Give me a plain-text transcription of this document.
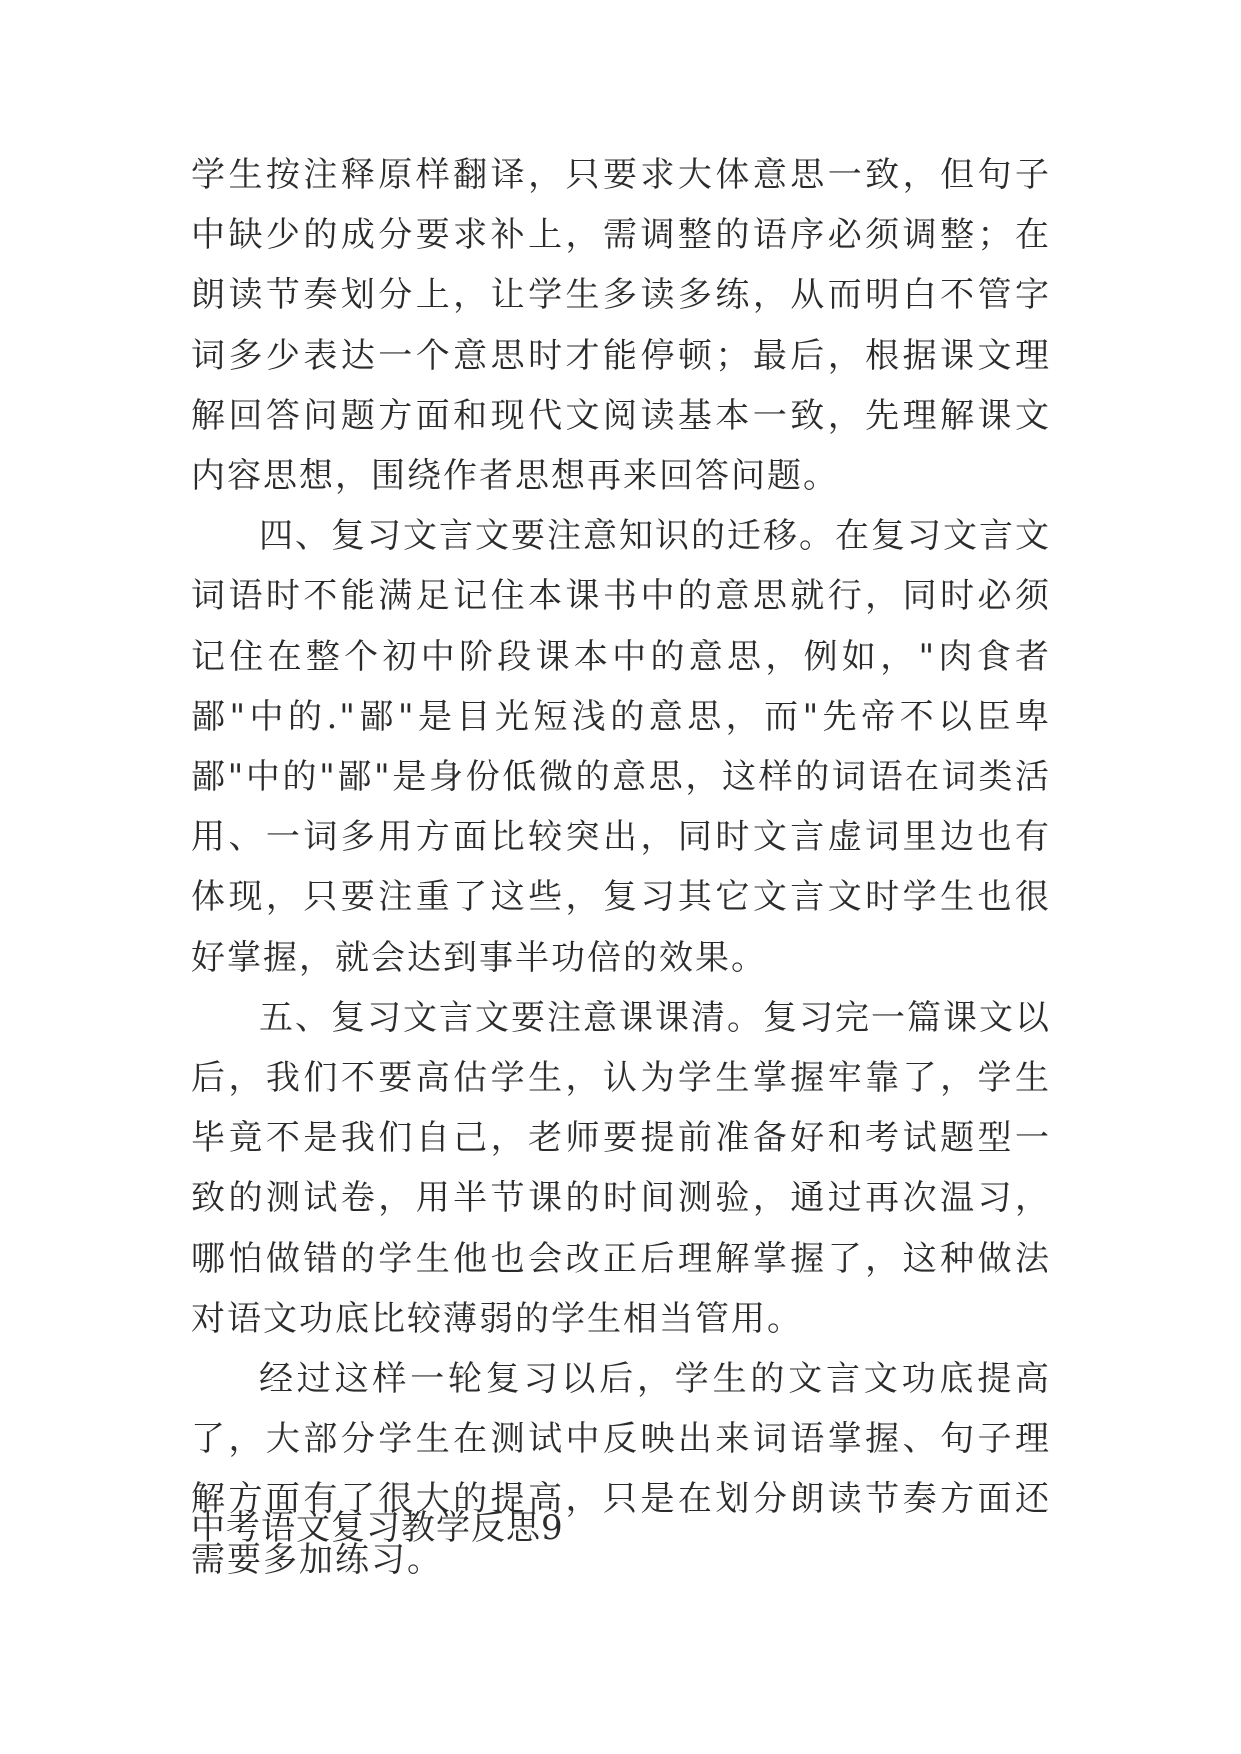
学生按注释原样翻译，只要求大体意思一致，但句子中缺少的成分要求补上，需调整的语序必须调整；在朗读节奏划分上，让学生多读多练，从而明白不管字词多少表达一个意思时才能停顿；最后，根据课文理解回答问题方面和现代文阅读基本一致，先理解课文内容思想，围绕作者思想再来回答问题。

四、复习文言文要注意知识的迁移。在复习文言文词语时不能满足记住本课书中的意思就行，同时必须记住在整个初中阶段课本中的意思，例如，"肉食者鄙"中的."鄙"是目光短浅的意思，而"先帝不以臣卑鄙"中的"鄙"是身份低微的意思，这样的词语在词类活用、一词多用方面比较突出，同时文言虚词里边也有体现，只要注重了这些，复习其它文言文时学生也很好掌握，就会达到事半功倍的效果。

五、复习文言文要注意课课清。复习完一篇课文以后，我们不要高估学生，认为学生掌握牢靠了，学生毕竟不是我们自己，老师要提前准备好和考试题型一致的测试卷，用半节课的时间测验，通过再次温习，哪怕做错的学生他也会改正后理解掌握了，这种做法对语文功底比较薄弱的学生相当管用。

经过这样一轮复习以后，学生的文言文功底提高了，大部分学生在测试中反映出来词语掌握、句子理解方面有了很大的提高，只是在划分朗读节奏方面还需要多加练习。

中考语文复习教学反思9
